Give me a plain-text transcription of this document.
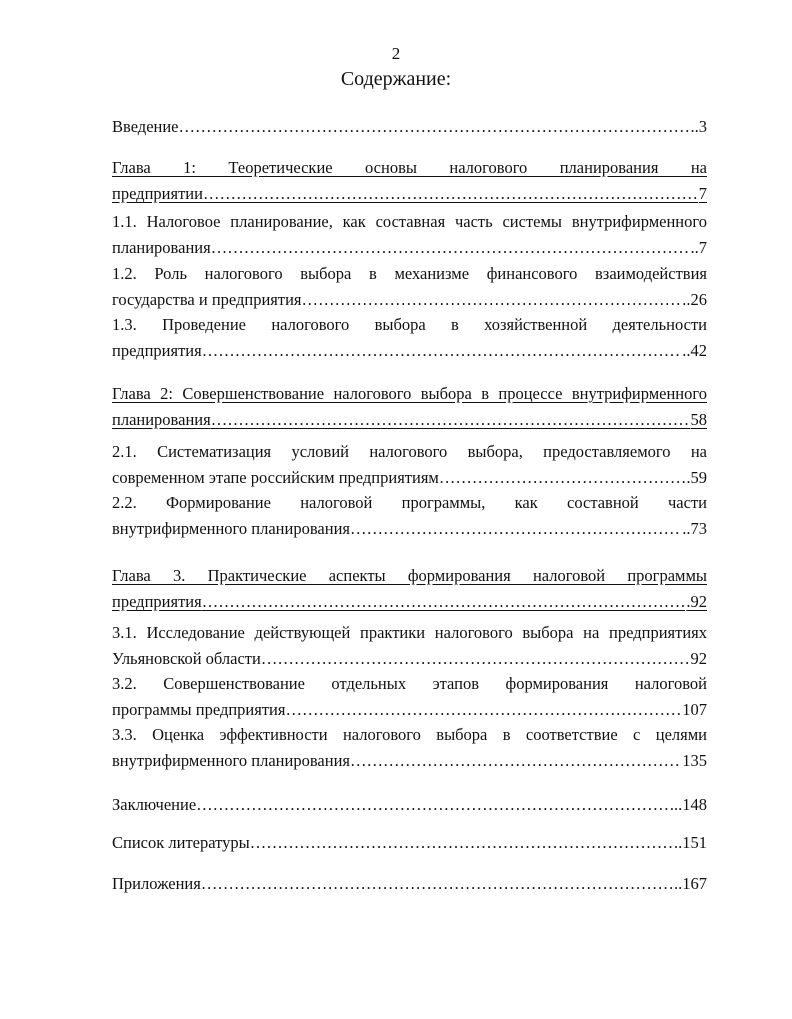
2
Содержание:
Введение ……………………………………………………………………………………………………………………………………………………………………………………	..3
Глава 1: Теоретические основы налогового планирования на
предприятии ……………………………………………………………………………………………………………………………………………………………………………………	7
1.1. Налоговое планирование, как составная часть системы внутрифирменного
планирования ……………………………………………………………………………………………………………………………………………………………………………………	..7
1.2. Роль налогового выбора в механизме финансового взаимодействия
государства и предприятия ……………………………………………………………………………………………………………………………………………………………………………………	..26
1.3. Проведение налогового выбора в хозяйственной деятельности
предприятия ……………………………………………………………………………………………………………………………………………………………………………………	..42
Глава 2: Совершенствование налогового выбора в процессе внутрифирменного
планирования ……………………………………………………………………………………………………………………………………………………………………………………	58
2.1. Систематизация условий налогового выбора, предоставляемого на
современном этапе российским предприятиям ……………………………………………………………………………………………………………………………………………………………………………………	.59
2.2. Формирование налоговой программы, как составной части
внутрифирменного планирования ……………………………………………………………………………………………………………………………………………………………………………………	..73
Глава 3. Практические аспекты формирования налоговой программы
предприятия ……………………………………………………………………………………………………………………………………………………………………………………	.92
3.1. Исследование действующей практики налогового выбора на предприятиях
Ульяновской области ……………………………………………………………………………………………………………………………………………………………………………………	92
3.2. Совершенствование отдельных этапов формирования налоговой
программы предприятия ……………………………………………………………………………………………………………………………………………………………………………………	107
3.3. Оценка эффективности налогового выбора в соответствие с целями
внутрифирменного планирования ……………………………………………………………………………………………………………………………………………………………………………………	135
Заключение ……………………………………………………………………………………………………………………………………………………………………………………	..148
Список литературы ……………………………………………………………………………………………………………………………………………………………………………………	..151
Приложения ……………………………………………………………………………………………………………………………………………………………………………………	..167
